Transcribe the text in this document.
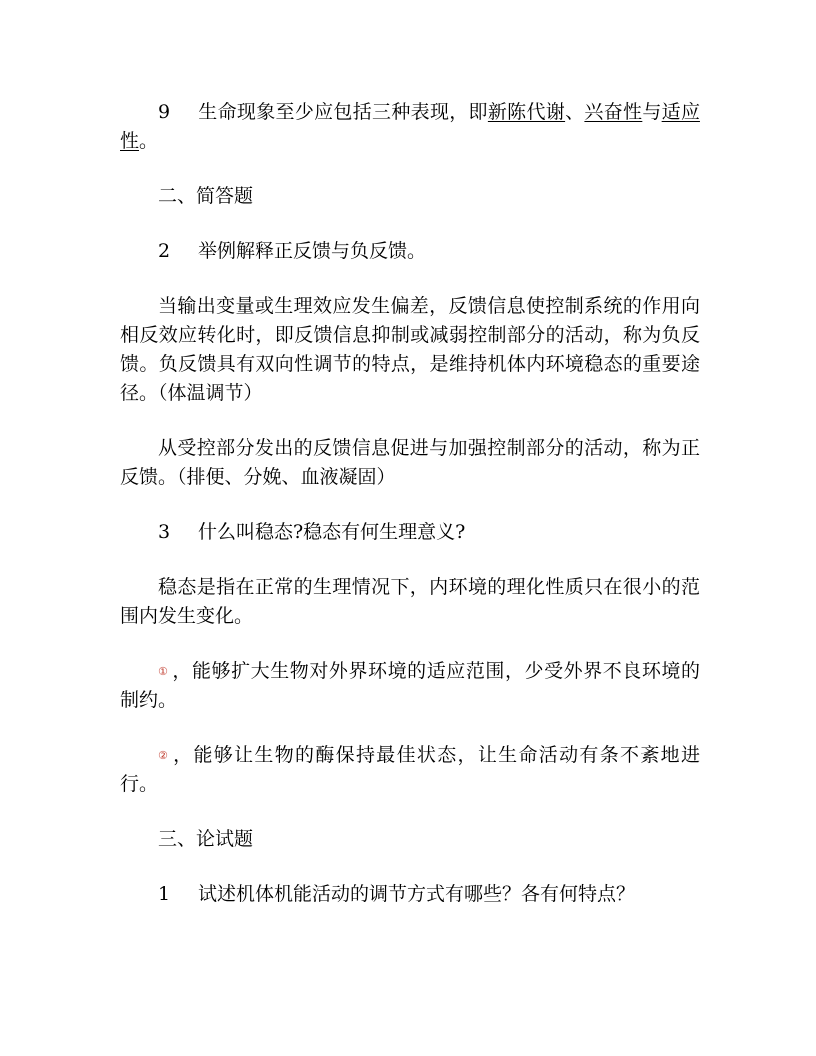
9 生命现象至少应包括三种表现，即新陈代谢、兴奋性与适应性。

二、简答题

2 举例解释正反馈与负反馈。

当输出变量或生理效应发生偏差，反馈信息使控制系统的作用向相反效应转化时，即反馈信息抑制或减弱控制部分的活动，称为负反馈。负反馈具有双向性调节的特点，是维持机体内环境稳态的重要途径。（体温调节）

从受控部分发出的反馈信息促进与加强控制部分的活动，称为正反馈。（排便、分娩、血液凝固）

3 什么叫稳态?稳态有何生理意义?

稳态是指在正常的生理情况下，内环境的理化性质只在很小的范围内发生变化。

① ，能够扩大生物对外界环境的适应范围，少受外界不良环境的制约。

② ，能够让生物的酶保持最佳状态，让生命活动有条不紊地进行。

三、论试题

1 试述机体机能活动的调节方式有哪些？各有何特点？
